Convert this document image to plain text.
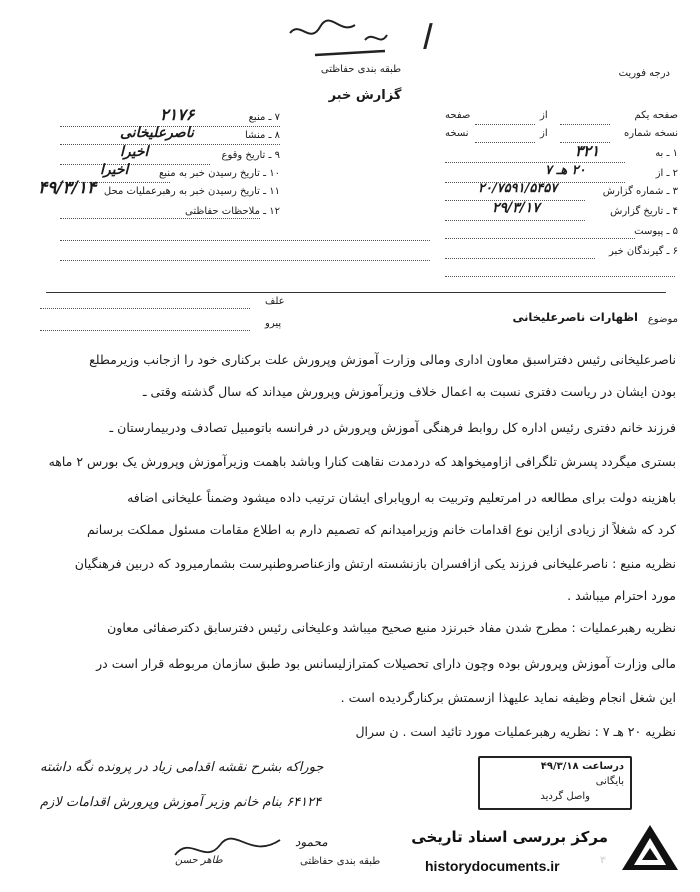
ا
طبقه بندی حفاظتی	درجه فوریت
گزارش خبر
صفحه یکم
از
صفحه
نسخه شماره
از
نسخه
۱ ـ به
۳۲۱
۲ ـ از
۲۰ هـ ۷
۳ ـ شماره گزارش
۲۰/۷۵۹۱/۵۴۵۷
۴ ـ تاریخ گزارش
۲۹/۳/۱۷
۵ ـ پیوست
۶ ـ گیرندگان خبر
۷ ـ منبع
۲۱۷۶
۸ ـ منشا
ناصرعلیخانی
۹ ـ تاریخ وقوع
اخیرا
۱۰ ـ تاریخ رسیدن خبر به منبع
اخیرا
۱۱ ـ تاریخ رسیدن خبر به رهبرعملیات محل
۴۹/۳/۱۴
۱۲ ـ ملاحظات حفاظتی
علف
پیرو	موضوع
اظهارات ناصرعلیخانی
ناصرعلیخانی رئیس دفتراسبق معاون اداری ومالی وزارت آموزش وپرورش علت برکناری خود را ازجانب وزیرمطلع
بودن ایشان در ریاست دفتری نسبت به اعمال خلاف وزیرآموزش وپرورش میداند که سال گذشته وقتی ـ
فرزند خانم دفتری رئیس اداره کل روابط فرهنگی آموزش وپرورش در فرانسه باتومبیل تصادف ودربیمارستان ـ
بستری میگردد پسرش تلگرافی ازاومیخواهد که دردمدت نقاهت کنارا وباشد باهمت وزیرآموزش وپرورش یک بورس ۲ ماهه
باهزینه دولت برای مطالعه در امرتعلیم وتربیت به اروپابرای ایشان ترتیب داده میشود وضمناً علیخانی اضافه
کرد که شغلاً از زیادی ازاین نوع اقدامات خانم وزیرامیدانم که تصمیم دارم به اطلاع مقامات مسئول مملکت برسانم
نظریه منبع : ناصرعلیخانی فرزند یکی ازافسران بازنشسته ارتش وازعناصروطنپرست بشمارمیرود که دربین فرهنگیان
مورد احترام میباشد .
نظریه رهبرعملیات : مطرح شدن مفاد خبرنزد منبع صحیح میباشد وعلیخانی رئیس دفترسابق دکترصفائی معاون
مالی وزارت آموزش وپرورش بوده وچون دارای تحصیلات کمترازلیسانس بود طبق سازمان مربوطه قرار است در
این شغل انجام وظیفه نماید علیهذا ازسمتش برکنارگردیده است .
نظریه ۲۰ هـ ۷ : نظریه رهبرعملیات مورد تائید است . ن سرال
درساعت ۴۹/۳/۱۸
بایگانی
واصل گردید
جوراکه بشرح نقشه اقدامی زیاد در پرونده نگه داشته
۶۴۱۲۴ بنام خانم وزیر آموزش وپرورش اقدامات لازم
طاهر حسن
محمود
طبقه بندی حفاظتی
مرکز بررسی اسناد تاریخی
historydocuments.ir
